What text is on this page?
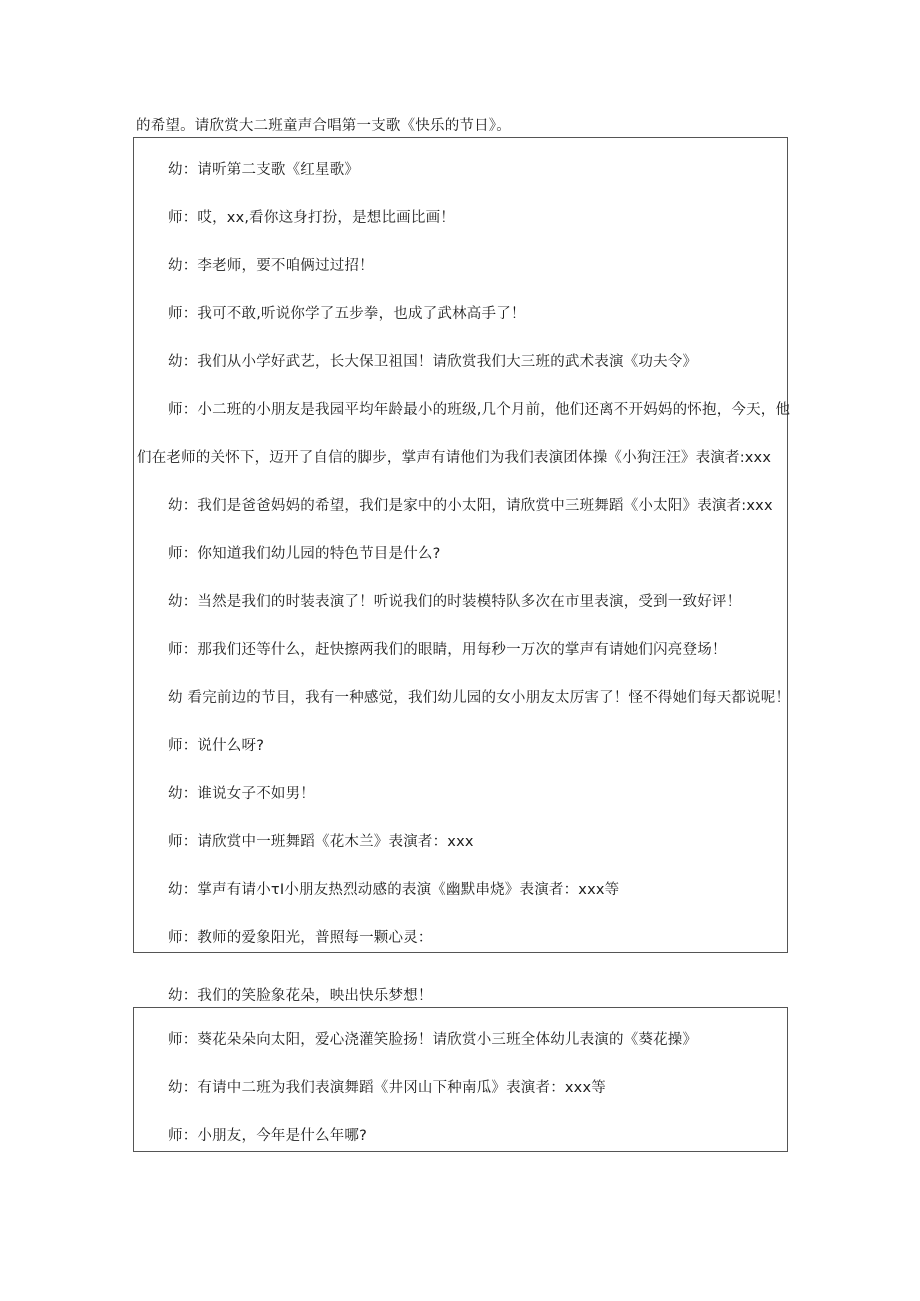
的希望。请欣赏大二班童声合唱第一支歌《快乐的节日》。
幼：请听第二支歌《红星歌》
师：哎，xx,看你这身打扮，是想比画比画！
幼：李老师，要不咱俩过过招！
师：我可不敢,听说你学了五步拳，也成了武林高手了！
幼：我们从小学好武艺，长大保卫祖国！请欣赏我们大三班的武术表演《功夫令》
师：小二班的小朋友是我园平均年龄最小的班级,几个月前，他们还离不开妈妈的怀抱，今天，他
们在老师的关怀下，迈开了自信的脚步，掌声有请他们为我们表演团体操《小狗汪汪》表演者:xxx
幼：我们是爸爸妈妈的希望，我们是家中的小太阳，请欣赏中三班舞蹈《小太阳》表演者:xxx
师：你知道我们幼儿园的特色节目是什么?
幼：当然是我们的时装表演了！听说我们的时装模特队多次在市里表演，受到一致好评！
师：那我们还等什么，赶快擦两我们的眼睛，用每秒一万次的掌声有请她们闪亮登场！
幼 看完前边的节目，我有一种感觉，我们幼儿园的女小朋友太厉害了！怪不得她们每天都说呢！
师：说什么呀?
幼：谁说女子不如男！
师：请欣赏中一班舞蹈《花木兰》表演者：xxx
幼：掌声有请小τI小朋友热烈动感的表演《幽默串烧》表演者：xxx等
师：教师的爱象阳光，普照每一颗心灵：
幼：我们的笑脸象花朵，映出快乐梦想！
师：葵花朵朵向太阳，爱心浇灌笑脸扬！请欣赏小三班全体幼儿表演的《葵花操》
幼：有请中二班为我们表演舞蹈《井冈山下种南瓜》表演者：xxx等
师：小朋友，今年是什么年哪?
